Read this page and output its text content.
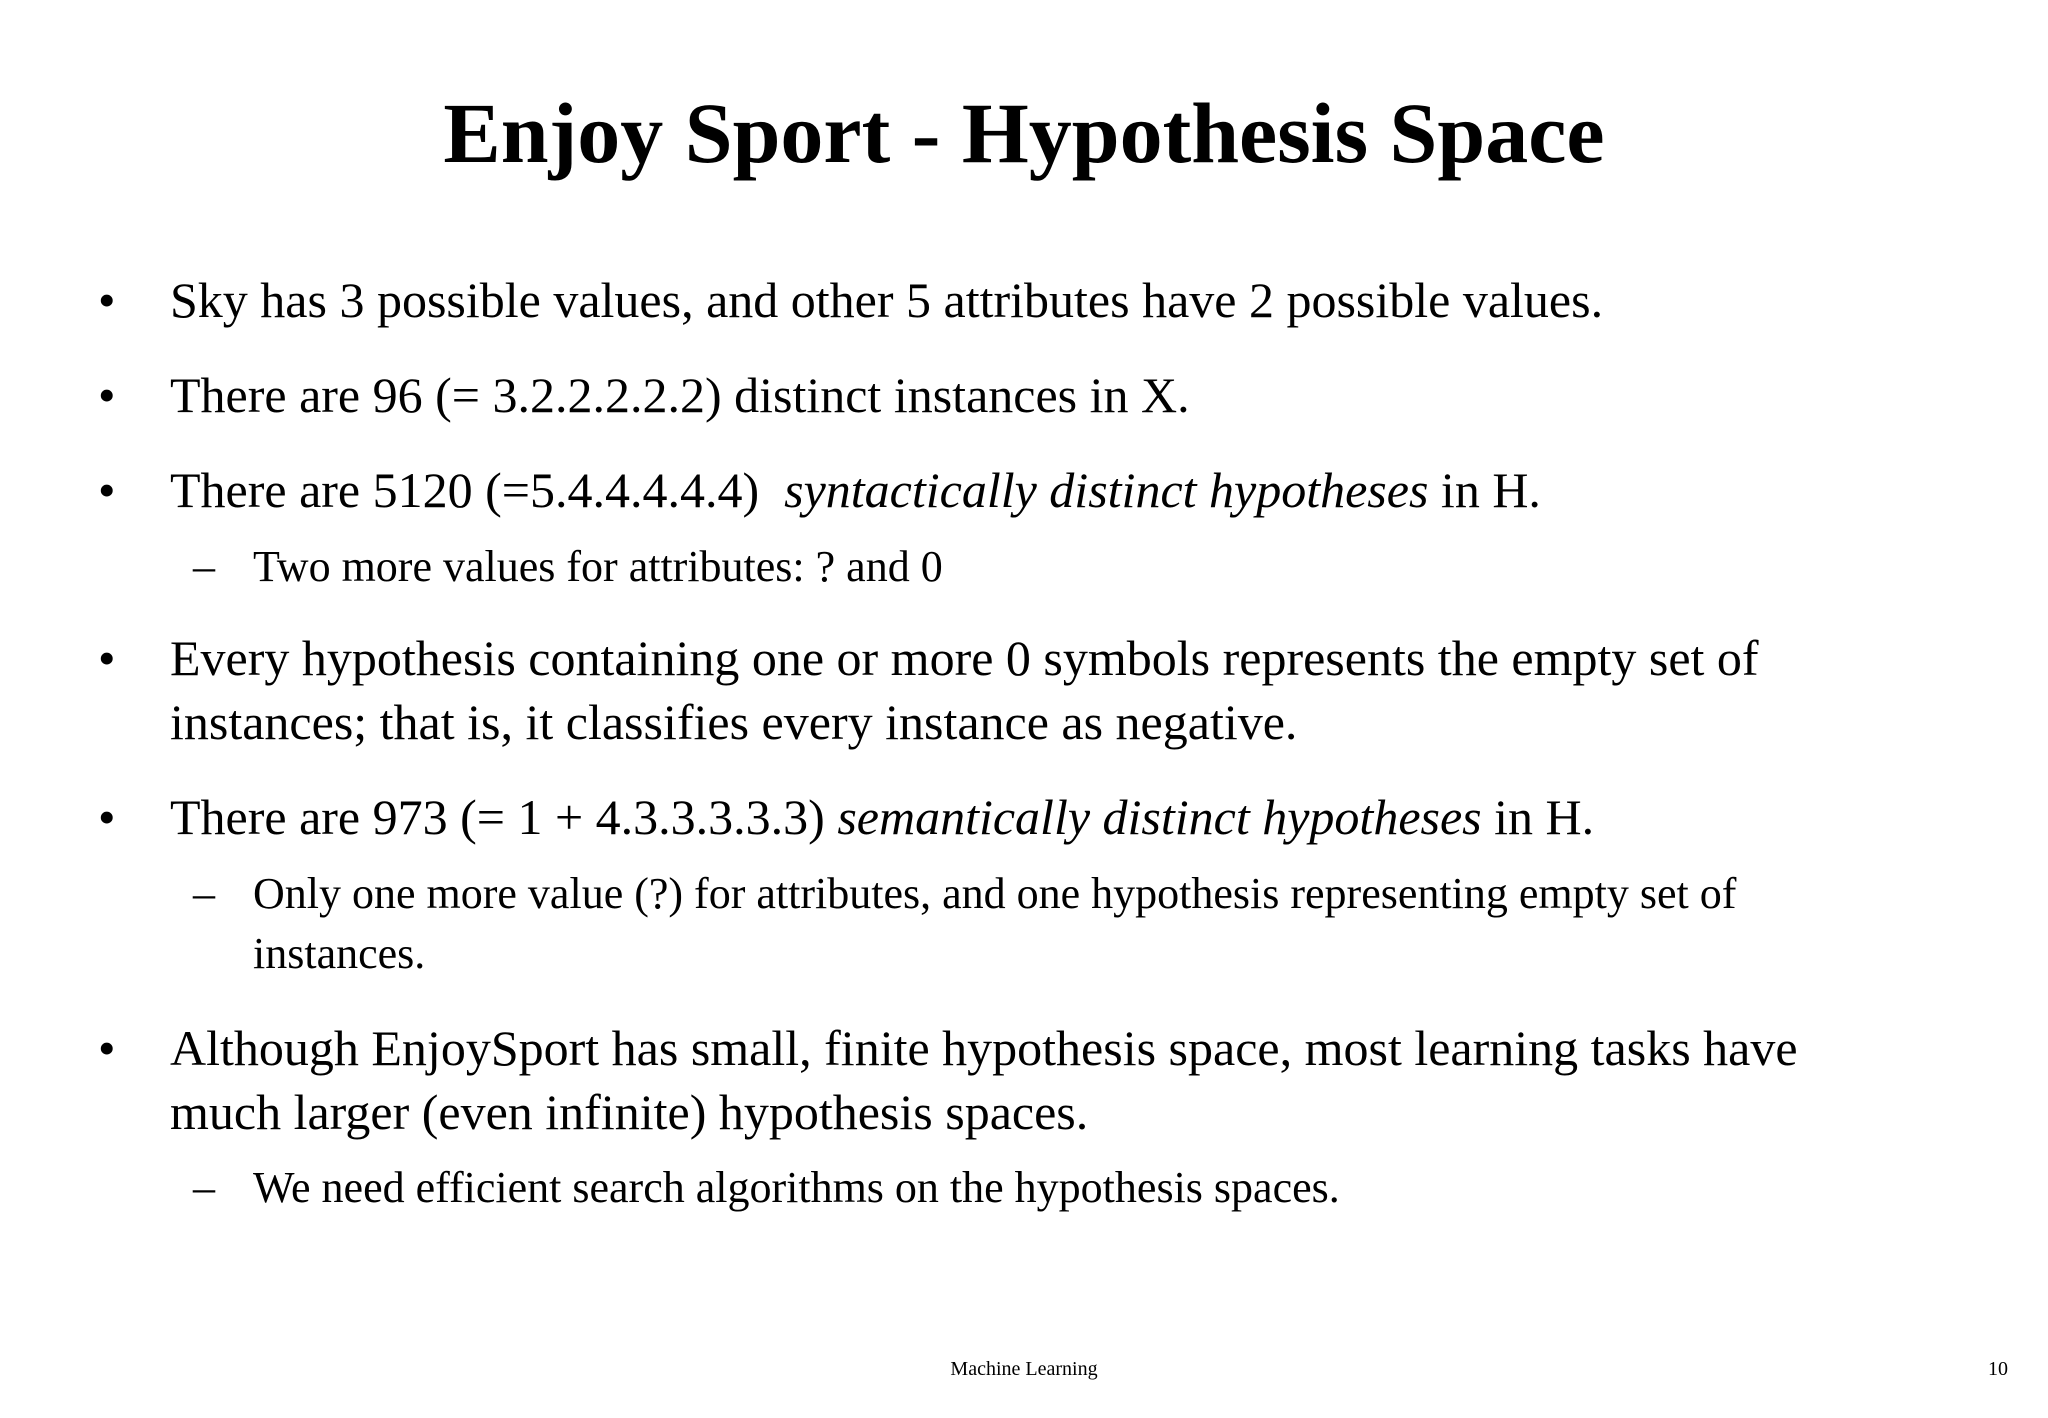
Enjoy Sport - Hypothesis Space
•	Sky has 3 possible values, and other 5 attributes have 2 possible values.
•	There are 96 (= 3.2.2.2.2.2) distinct instances in X.
•	There are 5120 (=5.4.4.4.4.4)  syntactically distinct hypotheses in H.
– Two more values for attributes: ? and 0
•	Every hypothesis containing one or more 0 symbols represents the empty set of instances; that is, it classifies every instance as negative.
•	There are 973 (= 1 + 4.3.3.3.3.3) semantically distinct hypotheses in H.
– Only one more value (?) for attributes, and one hypothesis representing empty set of instances.
•	Although EnjoySport has small, finite hypothesis space, most learning tasks have much larger (even infinite) hypothesis spaces.
– We need efficient search algorithms on the hypothesis spaces.
Machine Learning	10
